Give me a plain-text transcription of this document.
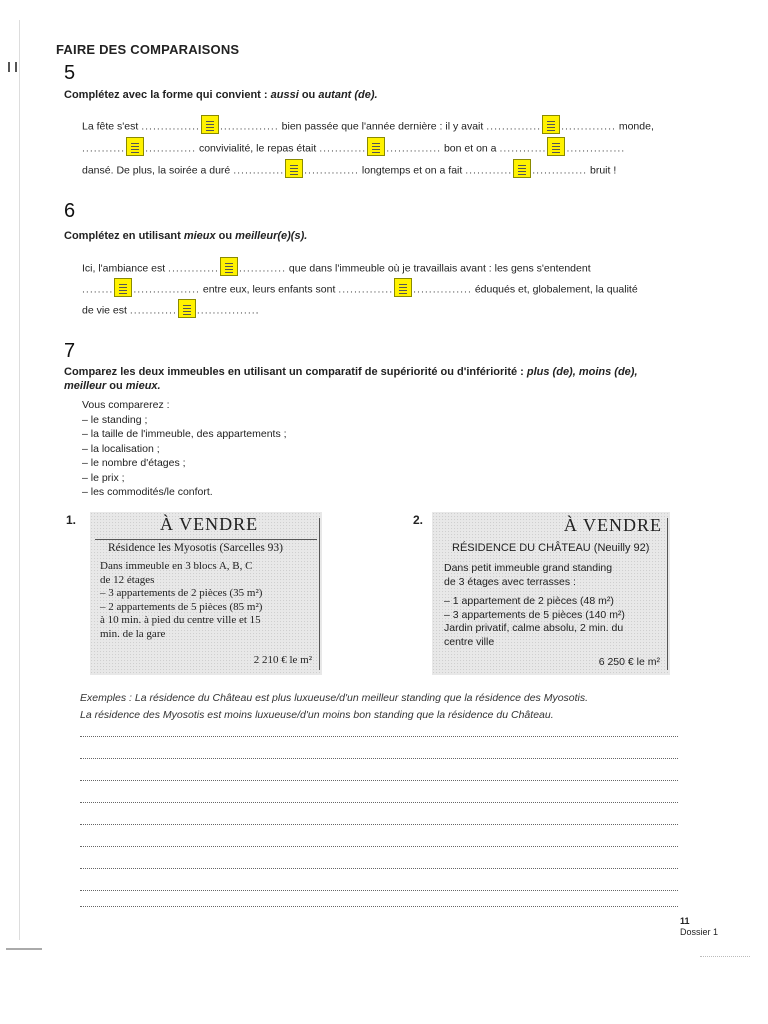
FAIRE DES COMPARAISONS
5
Complétez avec la forme qui convient : aussi ou autant (de).
La fête s'est ............... ............... bien passée que l'année dernière : il y avait .............. .............. monde,
........... ............. convivialité, le repas était ............ .............. bon et on a ............ ...............
dansé. De plus, la soirée a duré ............. .............. longtemps et on a fait ............ .............. bruit !
6
Complétez en utilisant mieux ou meilleur(e)(s).
Ici, l'ambiance est ............. ............ que dans l'immeuble où je travaillais avant : les gens s'entendent
........ ................. entre eux, leurs enfants sont .............. ............... éduqués et, globalement, la qualité
de vie est ............ ................
7
Comparez les deux immeubles en utilisant un comparatif de supériorité ou d'infériorité : plus (de), moins (de), meilleur ou mieux.
Vous comparerez :
– le standing ;
– la taille de l'immeuble, des appartements ;
– la localisation ;
– le nombre d'étages ;
– le prix ;
– les commodités/le confort.
1.	À VENDRE
Résidence les Myosotis (Sarcelles 93)
Dans immeuble en 3 blocs A, B, C
de 12 étages
– 3 appartements de 2 pièces (35 m²)
– 2 appartements de 5 pièces (85 m²)
à 10 min. à pied du centre ville et 15
min. de la gare
2 210 € le m²
2.	À VENDRE
RÉSIDENCE DU CHÂTEAU (Neuilly 92)
Dans petit immeuble grand standing
de 3 étages avec terrasses :
– 1 appartement de 2 pièces (48 m²)
– 3 appartements de 5 pièces (140 m²)
Jardin privatif, calme absolu, 2 min. du
centre ville
6 250 € le m²
Exemples : La résidence du Château est plus luxueuse/d'un meilleur standing que la résidence des Myosotis.
La résidence des Myosotis est moins luxueuse/d'un moins bon standing que la résidence du Château.
11
Dossier 1
